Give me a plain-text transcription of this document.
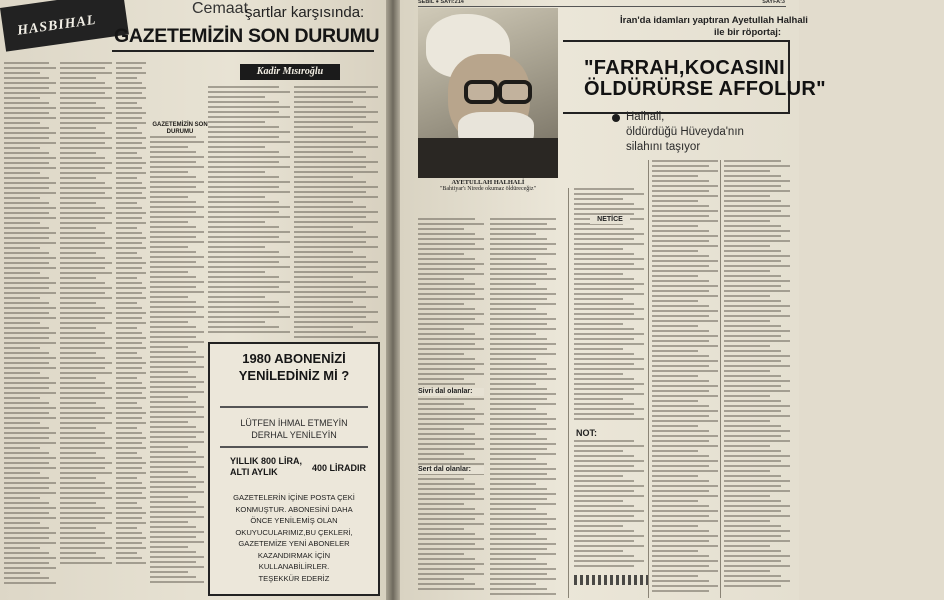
HASBIHAL
Cemaat
şartlar karşısında:
GAZETEMİZİN SON DURUMU
Kadir Mısıroğlu
GAZETEMİZİN SON DURUMU
1980 ABONENİZİ
YENİLEDİNİZ Mİ ?
LÜTFEN İHMAL ETMEYİN
DERHAL YENİLEYİN
YILLIK 800 LİRA,
ALTI AYLIK	400 LİRADIR
GAZETELERİN İÇİNE POSTA ÇEKİ
KONMUŞTUR. ABONESİNİ DAHA
ÖNCE YENİLEMİŞ OLAN
OKUYUCULARIMIZ,BU ÇEKLERİ,
GAZETEMİZE YENİ ABONELER
KAZANDIRMAK İÇİN
KULLANABİLİRLER.
TEŞEKKÜR EDERİZ
SEBİL ● SAYI:214	SAYFA:3
AYETULLAH HALHALİ
"Bahtiyar'ı Nirede okumaz öldüreceğiz"
İran'da idamları yaptıran Ayetullah Halhali
ile bir röportaj:
"FARRAH,KOCASINI
ÖLDÜRÜRSE AFFOLUR"
Halhali,
öldürdüğü Hüveyda'nın
silahını taşıyor
Sivri dal olanlar:
Sert dal olanlar:
NETİCE
NOT:
